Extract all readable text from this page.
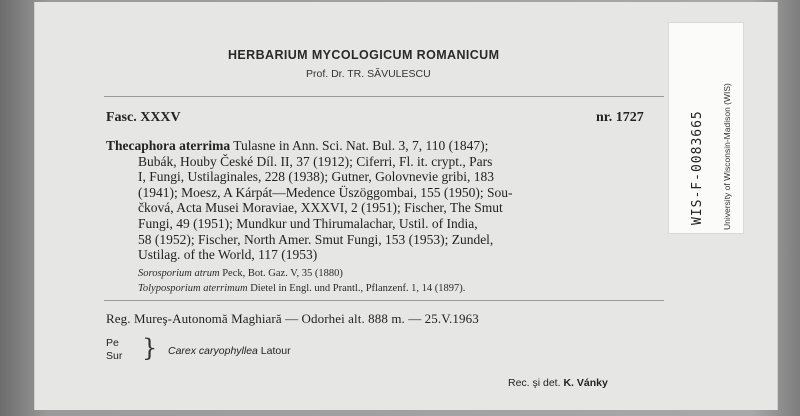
WIS-F-0083665 University of Wisconsin-Madison (WIS)
HERBARIUM MYCOLOGICUM ROMANICUM
Prof. Dr. TR. SĂVULESCU
Fasc. XXXV	nr. 1727

Thecaphora aterrima Tulasne in Ann. Sci. Nat. Bul. 3, 7, 110 (1847);

Bubák, Houby České Díl. II, 37 (1912); Ciferri, Fl. it. crypt., Pars

I, Fungi, Ustilaginales, 228 (1938); Gutner, Golovnevie gribi, 183

(1941); Moesz, A Kárpát—Medence Üszöggombai, 155 (1950); Sou-

čková, Acta Musei Moraviae, XXXVI, 2 (1951); Fischer, The Smut

Fungi, 49 (1951); Mundkur und Thirumalachar, Ustil. of India,

58 (1952); Fischer, North Amer. Smut Fungi, 153 (1953); Zundel,

Ustilag. of the World, 117 (1953)

Sorosporium atrum Peck, Bot. Gaz. V, 35 (1880)
Tolyposporium aterrimum Dietel in Engl. und Prantl., Pflanzenf. 1, 14 (1897).
Reg. Mureş-Autonomă Maghiară — Odorhei alt. 888 m. — 25.V.1963
Pe
Sur } Carex caryophyllea Latour
Rec. şi det. K. Vánky
